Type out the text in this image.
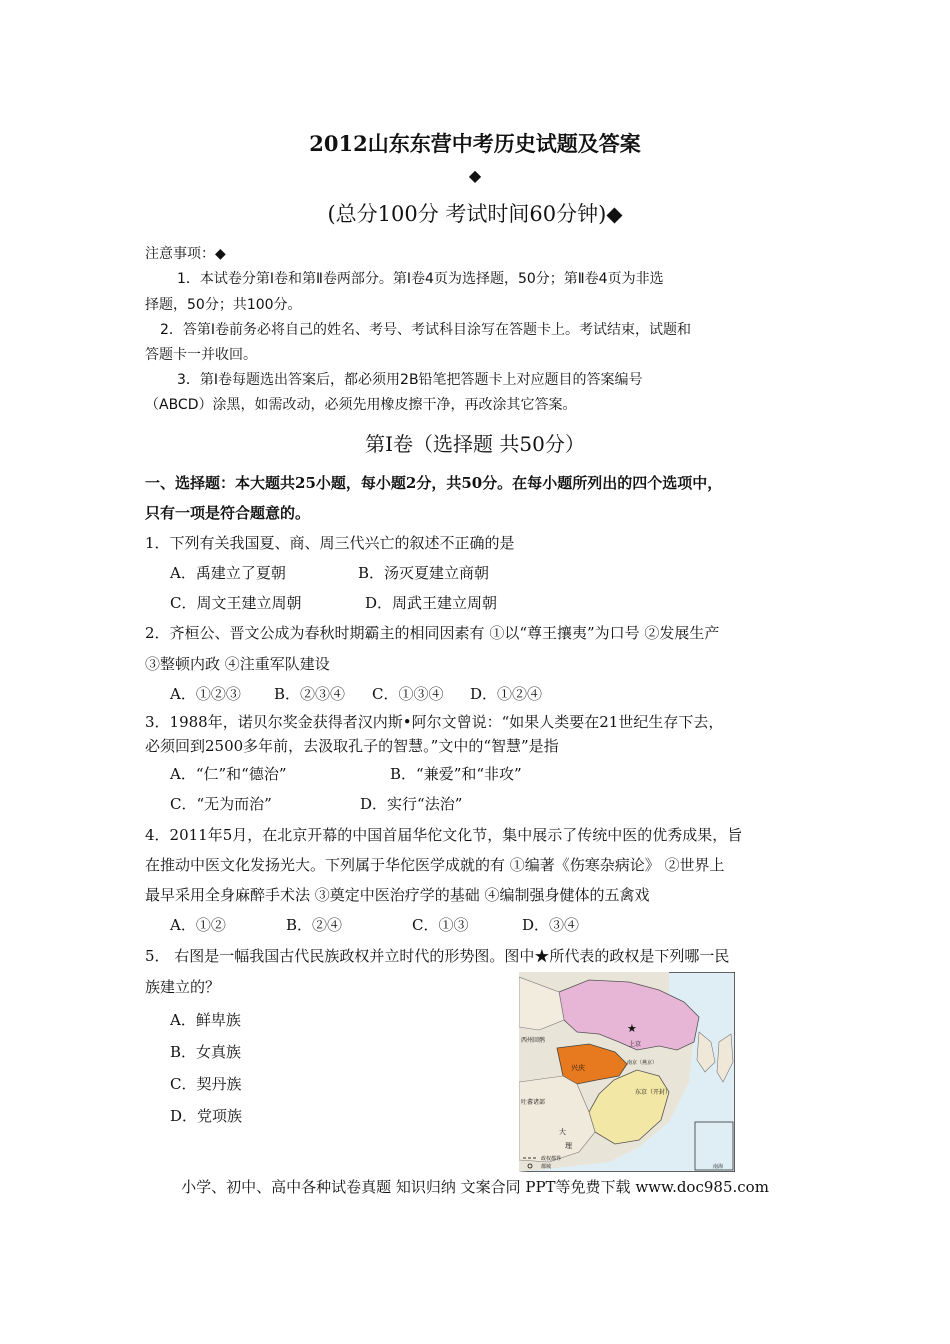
2012山东东营中考历史试题及答案
◆
(总分100分 考试时间60分钟)◆
注意事项：◆
1．本试卷分第Ⅰ卷和第Ⅱ卷两部分。第Ⅰ卷4页为选择题，50分；第Ⅱ卷4页为非选
择题，50分；共100分。
2．答第Ⅰ卷前务必将自己的姓名、考号、考试科目涂写在答题卡上。考试结束，试题和
答题卡一并收回。
3．第Ⅰ卷每题选出答案后，都必须用2B铅笔把答题卡上对应题目的答案编号
（ABCD）涂黑，如需改动，必须先用橡皮擦干净，再改涂其它答案。
第Ⅰ卷（选择题 共50分）
一、选择题：本大题共25小题，每小题2分，共50分。在每小题所列出的四个选项中，
只有一项是符合题意的。
1．下列有关我国夏、商、周三代兴亡的叙述不正确的是
A．禹建立了夏朝	B．汤灭夏建立商朝
C．周文王建立周朝	D．周武王建立周朝
2．齐桓公、晋文公成为春秋时期霸主的相同因素有 ①以“尊王攘夷”为口号 ②发展生产
③整顿内政 ④注重军队建设
A．①②③ B．②③④ C．①③④ D．①②④
3．1988年，诺贝尔奖金获得者汉内斯•阿尔文曾说：“如果人类要在21世纪生存下去，
必须回到2500多年前，去汲取孔子的智慧。”文中的“智慧”是指
A．“仁”和“德治”	B．“兼爱”和“非攻”
C．“无为而治”	D．实行“法治”
4．2011年5月，在北京开幕的中国首届华佗文化节，集中展示了传统中医的优秀成果，旨
在推动中医文化发扬光大。下列属于华佗医学成就的有 ①编著《伤寒杂病论》 ②世界上
最早采用全身麻醉手术法 ③奠定中医治疗学的基础 ④编制强身健体的五禽戏
A．①②	B．②④	C．①③	D．③④
5． 右图是一幅我国古代民族政权并立时代的形势图。图中★所代表的政权是下列哪一民
族建立的？
A．鲜卑族
B．女真族
C．契丹族
D．党项族
★
西州回鹘
上京
南京（燕京）
兴庆
东京（开封）
吐蕃诸部
大
理
政权都界
都城	南海
小学、初中、高中各种试卷真题 知识归纳 文案合同 PPT等免费下载 www.doc985.com
